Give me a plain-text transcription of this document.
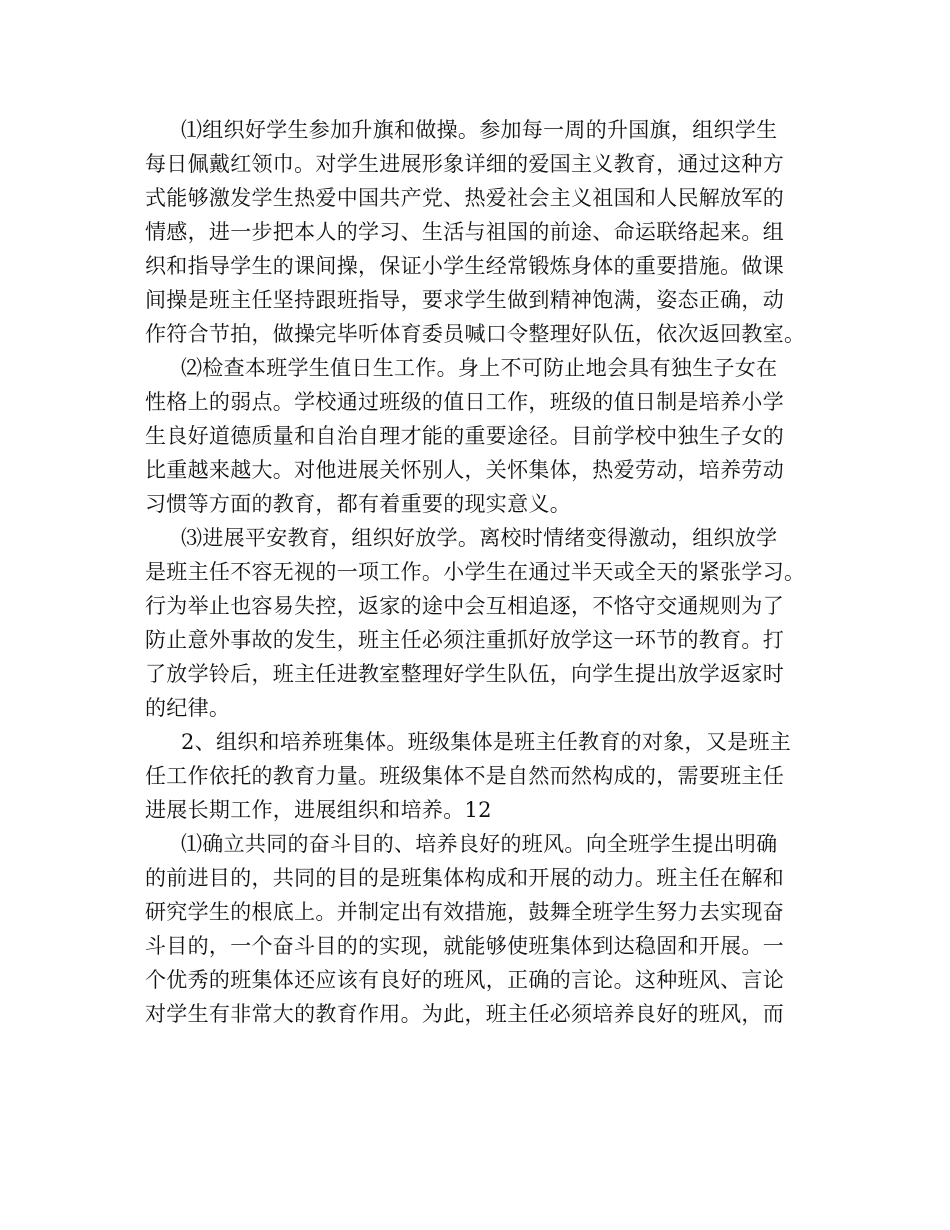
⑴组织好学生参加升旗和做操。参加每一周的升国旗，组织学生
每日佩戴红领巾。对学生进展形象详细的爱国主义教育，通过这种方
式能够激发学生热爱中国共产党、热爱社会主义祖国和人民解放军的
情感，进一步把本人的学习、生活与祖国的前途、命运联络起来。组
织和指导学生的课间操，保证小学生经常锻炼身体的重要措施。做课
间操是班主任坚持跟班指导，要求学生做到精神饱满，姿态正确，动
作符合节拍，做操完毕听体育委员喊口令整理好队伍，依次返回教室。
⑵检查本班学生值日生工作。身上不可防止地会具有独生子女在
性格上的弱点。学校通过班级的值日工作，班级的值日制是培养小学
生良好道德质量和自治自理才能的重要途径。目前学校中独生子女的
比重越来越大。对他进展关怀别人，关怀集体，热爱劳动，培养劳动
习惯等方面的教育，都有着重要的现实意义。
⑶进展平安教育，组织好放学。离校时情绪变得激动，组织放学
是班主任不容无视的一项工作。小学生在通过半天或全天的紧张学习。
行为举止也容易失控，返家的途中会互相追逐，不恪守交通规则为了
防止意外事故的发生，班主任必须注重抓好放学这一环节的教育。打
了放学铃后，班主任进教室整理好学生队伍，向学生提出放学返家时
的纪律。
2、组织和培养班集体。班级集体是班主任教育的对象，又是班主
任工作依托的教育力量。班级集体不是自然而然构成的，需要班主任
进展长期工作，进展组织和培养。12
⑴确立共同的奋斗目的、培养良好的班风。向全班学生提出明确
的前进目的，共同的目的是班集体构成和开展的动力。班主任在解和
研究学生的根底上。并制定出有效措施，鼓舞全班学生努力去实现奋
斗目的，一个奋斗目的的实现，就能够使班集体到达稳固和开展。一
个优秀的班集体还应该有良好的班风，正确的言论。这种班风、言论
对学生有非常大的教育作用。为此，班主任必须培养良好的班风，而
